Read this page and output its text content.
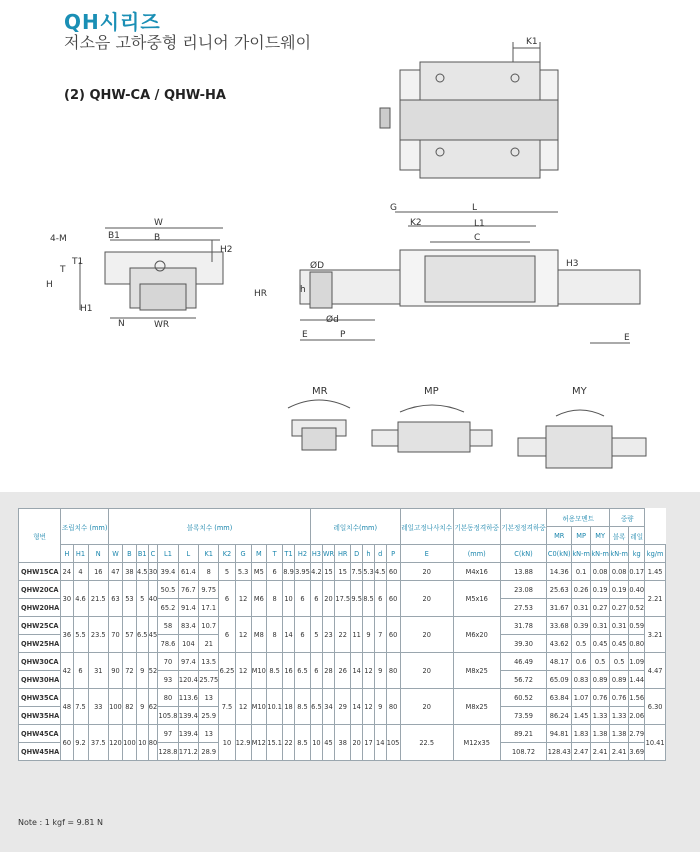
QH시리즈
저소음 고하중형 리니어 가이드웨이
(2) QHW-CA / QHW-HA
K1
W
B1	B
4-M
H2
T
T1
H
H1
N	WR
ØD
h
HR
Ød
E	P
G
K2
L
L1
C
H3
E
MR	MP	MY
형번	조립치수 (mm)			블록치수 (mm)													레일치수(mm)							레일고정나사치수	기본동정격하중	기본정정격하중	허용모멘트			중량		
																											MR	MP	MY	블록	레일	
	H	H1	N	W	B	B1	C	L1	L	K1	K2	G	M	T	T1	H2	H3	WR	HR	D	h	d	P	E	(mm)	C(kN)	C0(kN)	kN-m	kN-m	kN-m	kg	kg/m
QHW15CA	24	4	16	47	38	4.5	30	39.4	61.4	8	5	5.3	M5	6	8.9	3.95	4.2	15	15	7.5	5.3	4.5	60	20	M4x16	13.88	14.36	0.1	0.08	0.08	0.17	1.45
QHW20CA	30	4.6	21.5	63	53	5	40	50.5	76.7	9.75	6	12	M6	8	10	6	6	20	17.5	9.5	8.5	6	60	20	M5x16	23.08	25.63	0.26	0.19	0.19	0.40	2.21
QHW20HA								65.2	91.4	17.1																27.53	31.67	0.31	0.27	0.27	0.52	
QHW25CA	36	5.5	23.5	70	57	6.5	45	58	83.4	10.7	6	12	M8	8	14	6	5	23	22	11	9	7	60	20	M6x20	31.78	33.68	0.39	0.31	0.31	0.59	3.21
QHW25HA								78.6	104	21																39.30	43.62	0.5	0.45	0.45	0.80	
QHW30CA	42	6	31	90	72	9	52	70	97.4	13.5	6.25	12	M10	8.5	16	6.5	6	28	26	14	12	9	80	20	M8x25	46.49	48.17	0.6	0.5	0.5	1.09	4.47
QHW30HA								93	120.4	25.75																56.72	65.09	0.83	0.89	0.89	1.44	
QHW35CA	48	7.5	33	100	82	9	62	80	113.6	13	7.5	12	M10	10.1	18	8.5	6.5	34	29	14	12	9	80	20	M8x25	60.52	63.84	1.07	0.76	0.76	1.56	6.30
QHW35HA								105.8	139.4	25.9																73.59	86.24	1.45	1.33	1.33	2.06	
QHW45CA	60	9.2	37.5	120	100	10	80	97	139.4	13	10	12.9	M12	15.1	22	8.5	10	45	38	20	17	14	105	22.5	M12x35	89.21	94.81	1.83	1.38	1.38	2.79	10.41
QHW45HA								128.8	171.2	28.9																108.72	128.43	2.47	2.41	2.41	3.69	
Note : 1 kgf = 9.81 N
